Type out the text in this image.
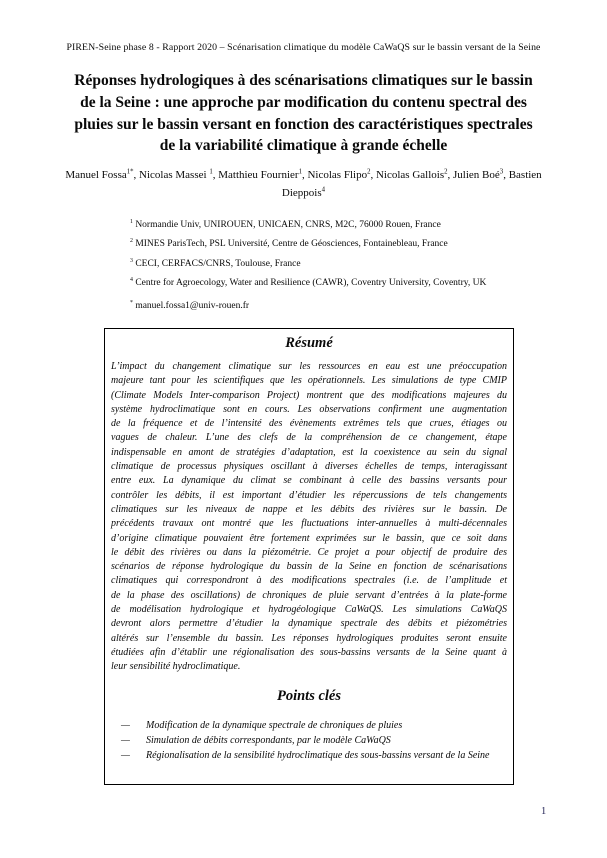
PIREN-Seine phase 8 - Rapport 2020 – Scénarisation climatique du modèle CaWaQS sur le bassin versant de la Seine
Réponses hydrologiques à des scénarisations climatiques sur le bassin
de la Seine : une approche par modification du contenu spectral des
pluies sur le bassin versant en fonction des caractéristiques spectrales
de la variabilité climatique à grande échelle
Manuel Fossa$^{1*}$, Nicolas Massei $^1$, Matthieu Fournier$^1$, Nicolas Flipo$^2$, Nicolas Gallois$^2$, Julien Boé$^3$, Bastien Dieppois$^4$
$^1$ Normandie Univ, UNIROUEN, UNICAEN, CNRS, M2C, 76000 Rouen, France
$^2$ MINES ParisTech, PSL Université, Centre de Géosciences, Fontainebleau, France
$^3$ CECI, CERFACS/CNRS, Toulouse, France
$^4$ Centre for Agroecology, Water and Resilience (CAWR), Coventry University, Coventry, UK
* manuel.fossa1@univ-rouen.fr
Résumé
L’impact du changement climatique sur les ressources en eau est une préoccupation
majeure tant pour les scientifiques que les opérationnels. Les simulations de type CMIP
(Climate Models Inter-comparison Project) montrent que des modifications majeures du
système hydroclimatique sont en cours. Les observations confirment une augmentation
de la fréquence et de l’intensité des évènements extrêmes tels que crues, étiages ou
vagues de chaleur. L’une des clefs de la compréhension de ce changement, étape
indispensable en amont de stratégies d’adaptation, est la coexistence au sein du signal
climatique de processus physiques oscillant à diverses échelles de temps, interagissant
entre eux. La dynamique du climat se combinant à celle des bassins versants pour
contrôler les débits, il est important d’étudier les répercussions de tels changements
climatiques sur les niveaux de nappe et les débits des rivières sur le bassin. De
précédents travaux ont montré que les fluctuations inter-annuelles à multi-décennales
d’origine climatique pouvaient être fortement exprimées sur le bassin, que ce soit dans
le débit des rivières ou dans la piézométrie. Ce projet a pour objectif de produire des
scénarios de réponse hydrologique du bassin de la Seine en fonction de scénarisations
climatiques qui correspondront à des modifications spectrales (i.e. de l’amplitude et
de la phase des oscillations) de chroniques de pluie servant d’entrées à la plate-forme
de modélisation hydrologique et hydrogéologique CaWaQS. Les simulations CaWaQS
devront alors permettre d’étudier la dynamique spectrale des débits et piézométries
altérés sur l’ensemble du bassin. Les réponses hydrologiques produites seront ensuite
étudiées afin d’établir une régionalisation des sous-bassins versants de la Seine quant à
leur sensibilité hydroclimatique.
Points clés
— Modification de la dynamique spectrale de chroniques de pluies
— Simulation de débits correspondants, par le modèle CaWaQS
— Régionalisation de la sensibilité hydroclimatique des sous-bassins versant de la Seine
1
